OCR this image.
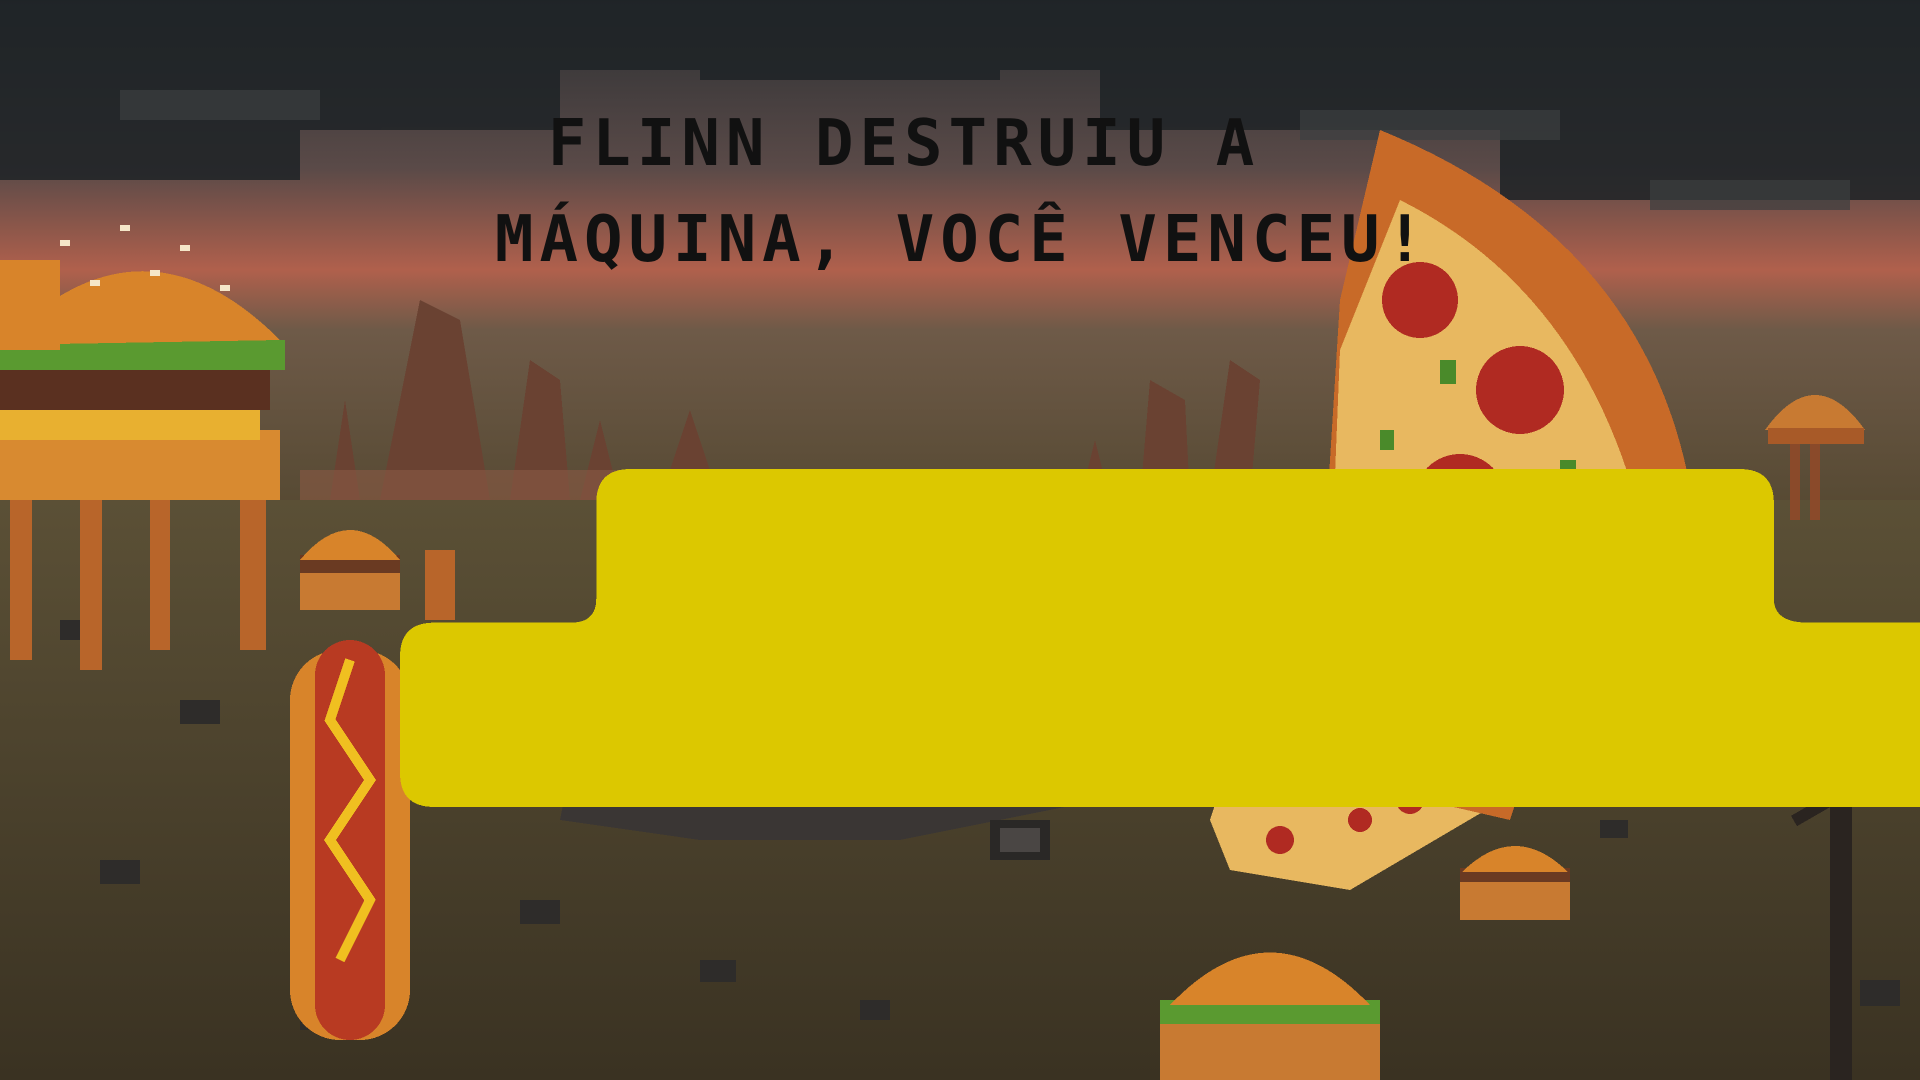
FLINN DESTRUIU A
MÁQUINA, VOCÊ VENCEU!
